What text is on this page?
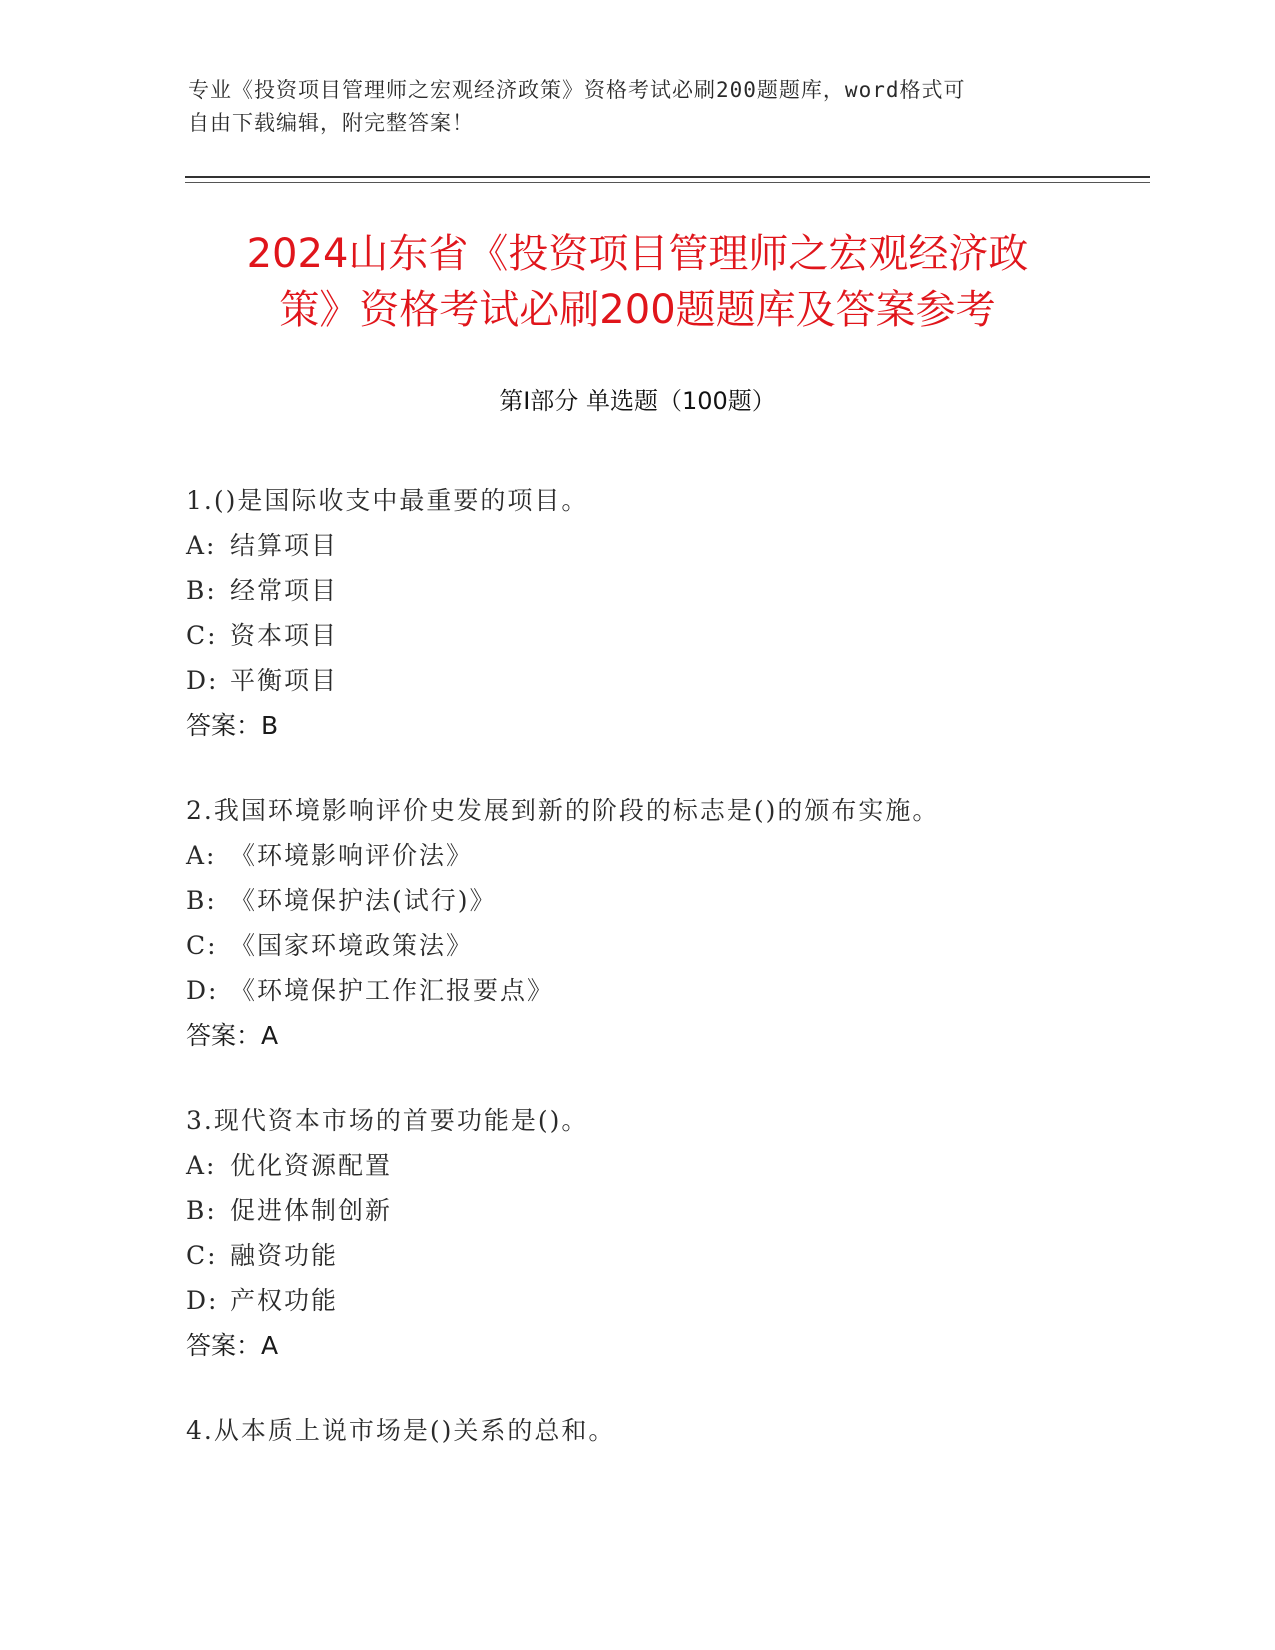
专业《投资项目管理师之宏观经济政策》资格考试必刷200题题库，word格式可
自由下载编辑，附完整答案！
2024山东省《投资项目管理师之宏观经济政
策》资格考试必刷200题题库及答案参考
第Ⅰ部分 单选题（100题）
1.()是国际收支中最重要的项目。
A: 结算项目
B: 经常项目
C: 资本项目
D: 平衡项目
答案：B
2.我国环境影响评价史发展到新的阶段的标志是()的颁布实施。
A: 《环境影响评价法》
B: 《环境保护法(试行)》
C: 《国家环境政策法》
D: 《环境保护工作汇报要点》
答案：A
3.现代资本市场的首要功能是()。
A: 优化资源配置
B: 促进体制创新
C: 融资功能
D: 产权功能
答案：A
4.从本质上说市场是()关系的总和。
